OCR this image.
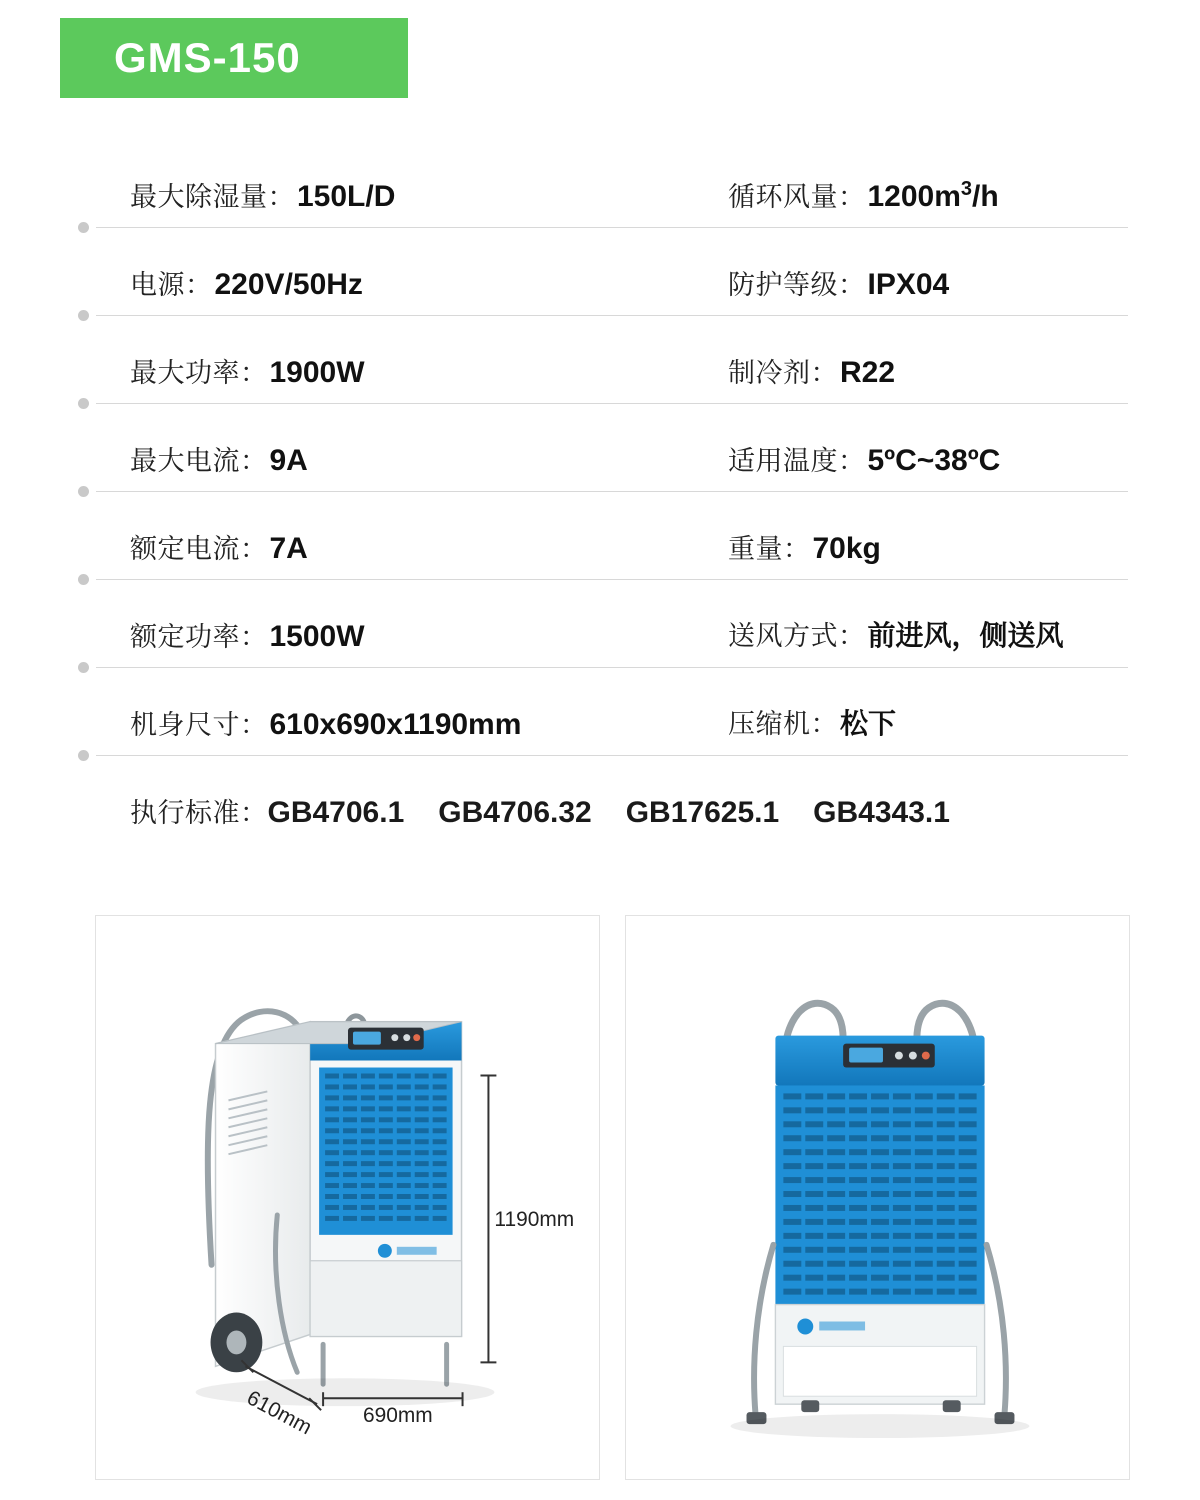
GMS-150
最大除湿量： 150L/D	循环风量： $1200m^3/h$
电源： 220V/50Hz	防护等级： IPX04
最大功率： 1900W	制冷剂： R22
最大电流： 9A	适用温度： 5ºC~38ºC
额定电流： 7A	重量： 70kg
额定功率： 1500W	送风方式： 前进风，侧送风
机身尺寸： 610x690x1190mm	压缩机： 松下
执行标准： GB4706.1 GB4706.32 GB17625.1 GB4343.1
1190mm
690mm
610mm
